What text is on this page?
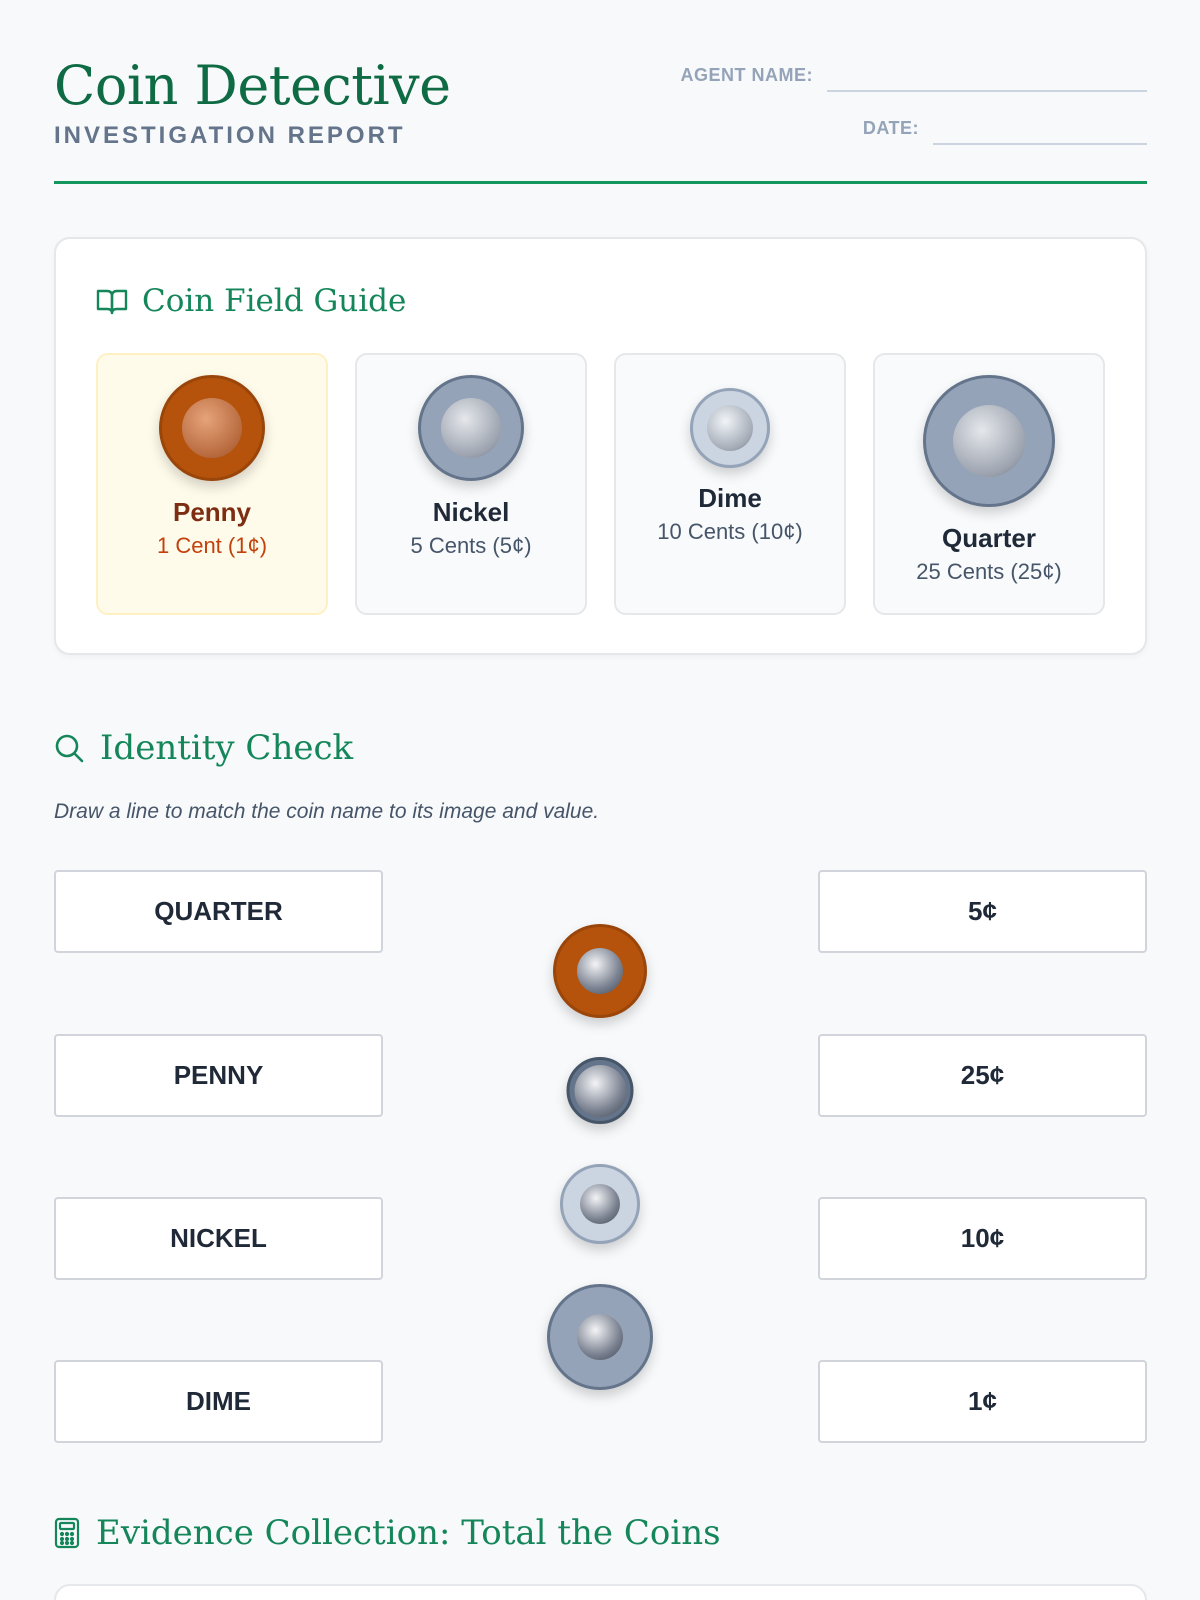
Coin Detective
INVESTIGATION REPORT
AGENT NAME:
DATE:
Coin Field Guide
Penny
1 Cent (1¢)
Nickel
5 Cents (5¢)
Dime
10 Cents (10¢)	Quarter
25 Cents (25¢)
Identity Check
Draw a line to match the coin name to its image and value.
QUARTER
PENNY
NICKEL
DIME
5¢
25¢
10¢
1¢
Evidence Collection: Total the Coins
